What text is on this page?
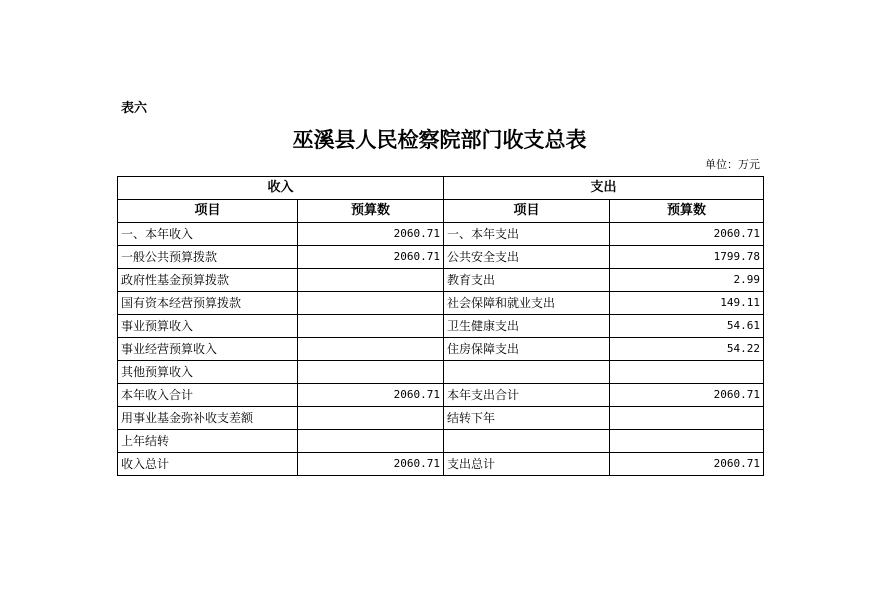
表六
巫溪县人民检察院部门收支总表
单位：万元
收入		支出	
项目	预算数	项目	预算数
一、本年收入	2060.71	一、本年支出	2060.71
一般公共预算拨款	2060.71	公共安全支出	1799.78
政府性基金预算拨款		教育支出	2.99
国有资本经营预算拨款		社会保障和就业支出	149.11
事业预算收入		卫生健康支出	54.61
事业经营预算收入		住房保障支出	54.22
其他预算收入			
本年收入合计	2060.71	本年支出合计	2060.71
用事业基金弥补收支差额		结转下年	
上年结转			
收入总计	2060.71	支出总计	2060.71
